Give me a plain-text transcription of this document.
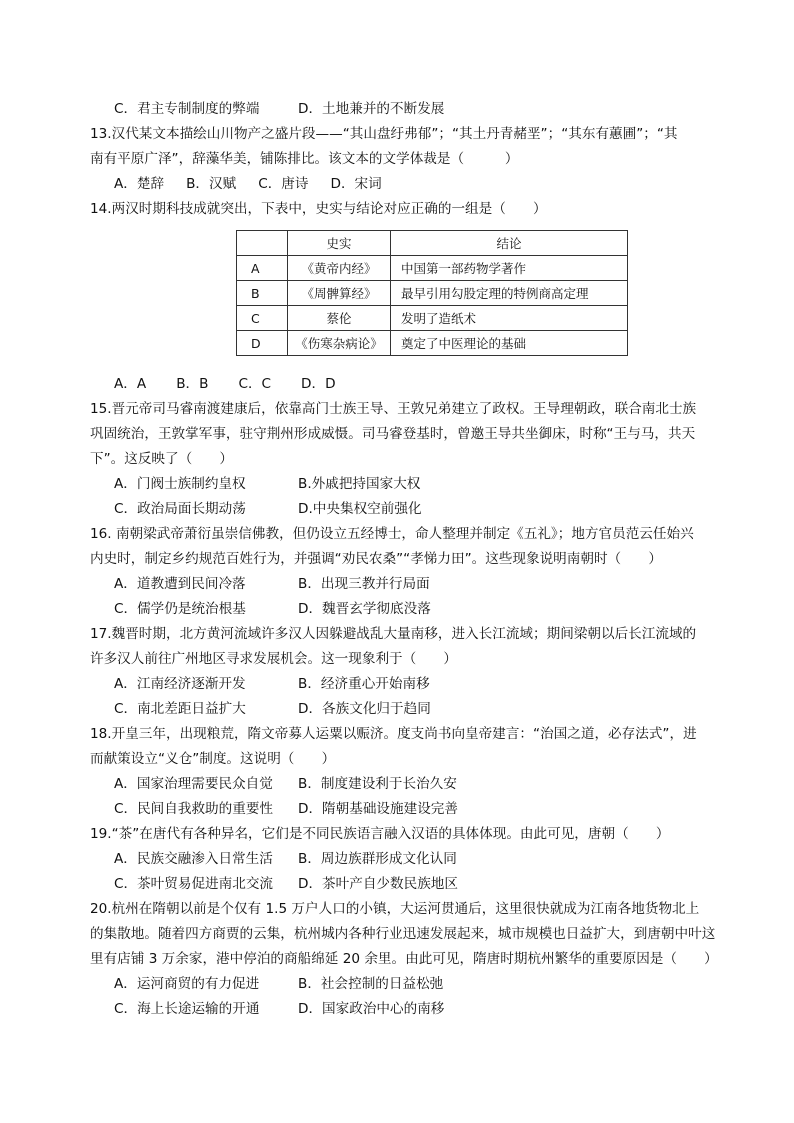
C．君主专制制度的弊端	D．土地兼并的不断发展
13.汉代某文本描绘山川物产之盛片段——“其山盘纡弗郁”；“其土丹青赭垩”；“其东有蕙圃”；“其
南有平原广泽”，辞藻华美，铺陈排比。该文本的文学体裁是（　　　）
A．楚辞 B．汉赋 C．唐诗 D．宋词
14.两汉时期科技成就突出，下表中，史实与结论对应正确的一组是（　　）
	史实	结论
A	《黄帝内经》	中国第一部药物学著作
B	《周髀算经》	最早引用勾股定理的特例商高定理
C	蔡伦	发明了造纸术
D	《伤寒杂病论》	奠定了中医理论的基础
A．A B．B C．C D．D
15.晋元帝司马睿南渡建康后，依靠高门士族王导、王敦兄弟建立了政权。王导理朝政，联合南北士族
巩固统治，王敦掌军事，驻守荆州形成威慑。司马睿登基时，曾邀王导共坐御床，时称“王与马，共天
下”。这反映了（　　）
A．门阀士族制约皇权	B.外戚把持国家大权
C．政治局面长期动荡	D.中央集权空前强化
16. 南朝梁武帝萧衍虽崇信佛教，但仍设立五经博士，命人整理并制定《五礼》；地方官员范云任始兴
内史时，制定乡约规范百姓行为，并强调“劝民农桑”“孝悌力田”。这些现象说明南朝时（　　）
A．道教遭到民间冷落	B．出现三教并行局面
C．儒学仍是统治根基	D．魏晋玄学彻底没落
17.魏晋时期，北方黄河流域许多汉人因躲避战乱大量南移，进入长江流域；期间梁朝以后长江流域的
许多汉人前往广州地区寻求发展机会。这一现象利于（　　）
A．江南经济逐渐开发	B．经济重心开始南移
C．南北差距日益扩大	D．各族文化归于趋同
18.开皇三年，出现粮荒，隋文帝募人运粟以赈济。度支尚书向皇帝建言：“治国之道，必存法式”，进
而献策设立“义仓”制度。这说明（　　）
A．国家治理需要民众自觉 B．制度建设利于长治久安
C．民间自我救助的重要性 D．隋朝基础设施建设完善
19.“茶”在唐代有各种异名，它们是不同民族语言融入汉语的具体体现。由此可见，唐朝（　　）
A．民族交融渗入日常生活 B．周边族群形成文化认同
C．茶叶贸易促进南北交流 D．茶叶产自少数民族地区
20.杭州在隋朝以前是个仅有 1.5 万户人口的小镇，大运河贯通后，这里很快就成为江南各地货物北上
的集散地。随着四方商贾的云集，杭州城内各种行业迅速发展起来，城市规模也日益扩大，到唐朝中叶这
里有店铺 3 万余家，港中停泊的商船绵延 20 余里。由此可见，隋唐时期杭州繁华的重要原因是（　　）
A．运河商贸的有力促进	B．社会控制的日益松弛
C．海上长途运输的开通	D．国家政治中心的南移
